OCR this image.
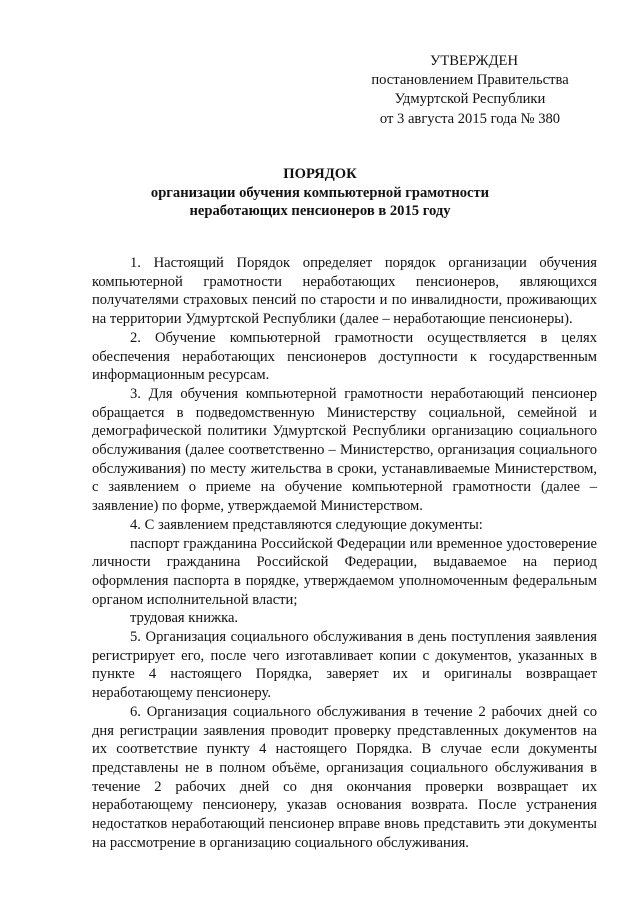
УТВЕРЖДЕН
постановлением Правительства
Удмуртской Республики
от 3 августа 2015 года № 380
ПОРЯДОК
организации обучения компьютерной грамотности
неработающих пенсионеров в 2015 году

1. Настоящий Порядок определяет порядок организации обучения компьютерной грамотности неработающих пенсионеров, являющихся получателями страховых пенсий по старости и по инвалидности, проживающих на территории Удмуртской Республики (далее – неработающие пенсионеры).

2. Обучение компьютерной грамотности осуществляется в целях обеспечения неработающих пенсионеров доступности к государственным информационным ресурсам.

3. Для обучения компьютерной грамотности неработающий пенсионер обращается в подведомственную Министерству социальной, семейной и демографической политики Удмуртской Республики организацию социального обслуживания (далее соответственно – Министерство, организация социального обслуживания) по месту жительства в сроки, устанавливаемые Министерством, с заявлением о приеме на обучение компьютерной грамотности (далее – заявление) по форме, утверждаемой Министерством.

4. С заявлением представляются следующие документы:

паспорт гражданина Российской Федерации или временное удостоверение личности гражданина Российской Федерации, выдаваемое на период оформления паспорта в порядке, утверждаемом уполномоченным федеральным органом исполнительной власти;

трудовая книжка.

5. Организация социального обслуживания в день поступления заявления регистрирует его, после чего изготавливает копии с документов, указанных в пункте 4 настоящего Порядка, заверяет их и оригиналы возвращает неработающему пенсионеру.

6. Организация социального обслуживания в течение 2 рабочих дней со дня регистрации заявления проводит проверку представленных документов на их соответствие пункту 4 настоящего Порядка. В случае если документы представлены не в полном объёме, организация социального обслуживания в течение 2 рабочих дней со дня окончания проверки возвращает их неработающему пенсионеру, указав основания возврата. После устранения недостатков неработающий пенсионер вправе вновь представить эти документы на рассмотрение в организацию социального обслуживания.
